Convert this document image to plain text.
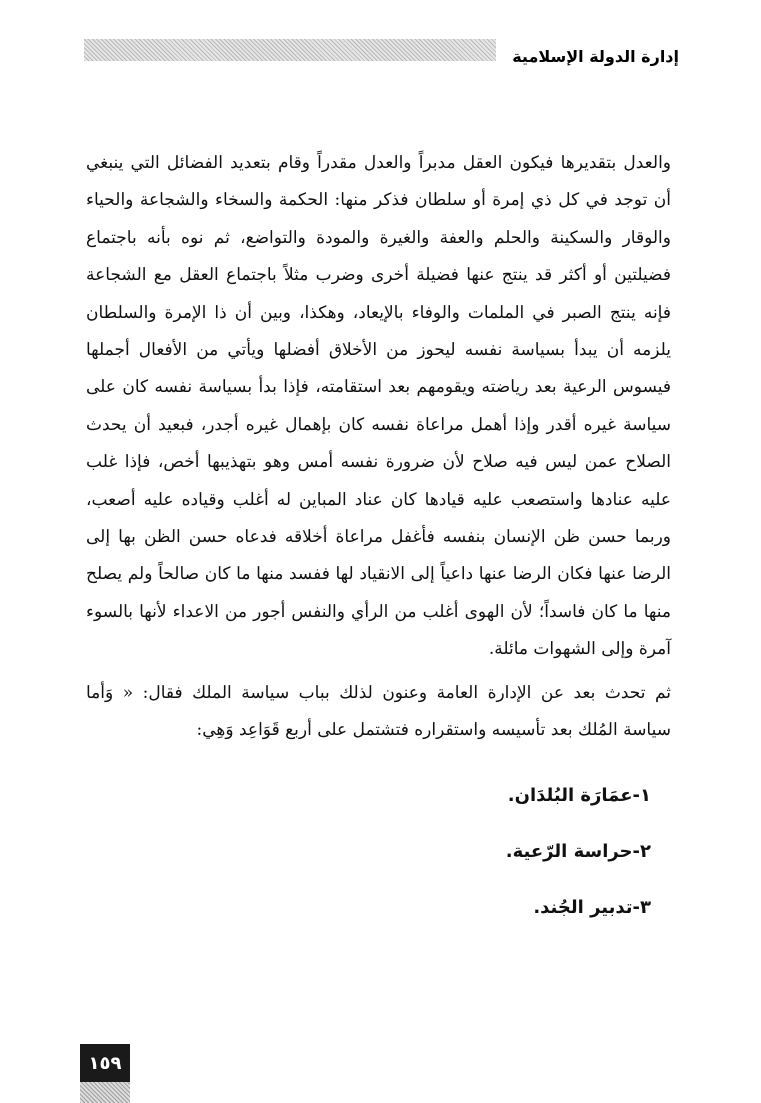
إدارة الدولة الإسلامية

والعدل بتقديرها فيكون العقل مدبراً والعدل مقدراً وقام بتعديد الفضائل التي ينبغي أن توجد في كل ذي إمرة أو سلطان فذكر منها: الحكمة والسخاء والشجاعة والحياء والوقار والسكينة والحلم والعفة والغيرة والمودة والتواضع، ثم نوه بأنه باجتماع فضيلتين أو أكثر قد ينتج عنها فضيلة أخرى وضرب مثلاً باجتماع العقل مع الشجاعة فإنه ينتج الصبر في الملمات والوفاء بالإيعاد، وهكذا، وبين أن ذا الإمرة والسلطان يلزمه أن يبدأ بسياسة نفسه ليحوز من الأخلاق أفضلها ويأتي من الأفعال أجملها فيسوس الرعية بعد رياضته ويقومهم بعد استقامته، فإذا بدأ بسياسة نفسه كان على سياسة غيره أقدر وإذا أهمل مراعاة نفسه كان بإهمال غيره أجدر، فبعيد أن يحدث الصلاح عمن ليس فيه صلاح لأن ضرورة نفسه أمس وهو بتهذيبها أخص، فإذا غلب عليه عنادها واستصعب عليه قيادها كان عناد المباين له أغلب وقياده عليه أصعب، وربما حسن ظن الإنسان بنفسه فأغفل مراعاة أخلاقه فدعاه حسن الظن بها إلى الرضا عنها فكان الرضا عنها داعياً إلى الانقياد لها ففسد منها ما كان صالحاً ولم يصلح منها ما كان فاسداً؛ لأن الهوى أغلب من الرأي والنفس أجور من الاعداء لأنها بالسوء آمرة وإلى الشهوات مائلة.

ثم تحدث بعد عن الإدارة العامة وعنون لذلك بباب سياسة الملك فقال: « وَأما سياسة المُلك بعد تأسيسه واستقراره فتشتمل على أربع قَوَاعِد وَهِي:

١-عمَارَة البُلدَان.
٢-حراسة الرّعية.
٣-تدبير الجُند.
١٥٩
